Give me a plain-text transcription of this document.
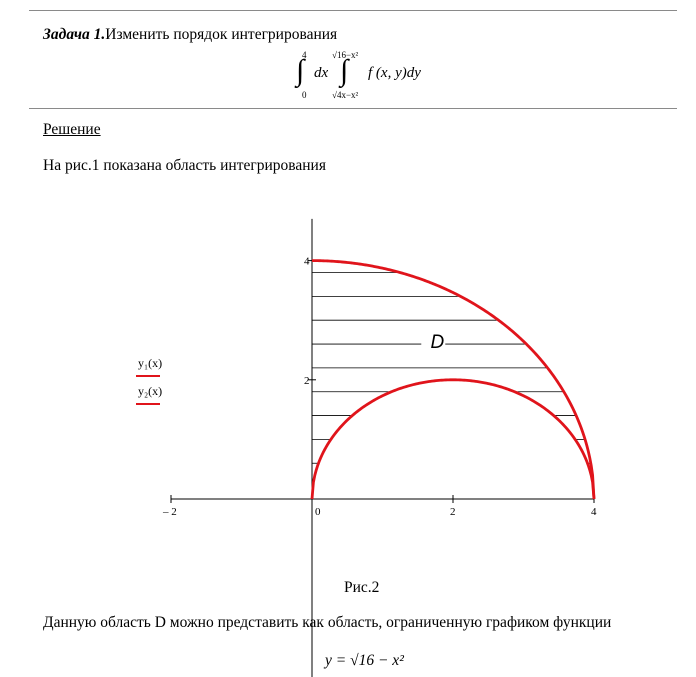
Задача 1.Изменить порядок интегрирования
4
∫
0
dx
√16−x²
∫
√4x−x²
f (x, y)dy
Решение
На рис.1 показана область интегрирования
– 2	0	2	4
2
4
D
y₁(x)
y₂(x)
Рис.2
Данную область D можно представить как область, ограниченную графиком функции
y = √16 − x²
